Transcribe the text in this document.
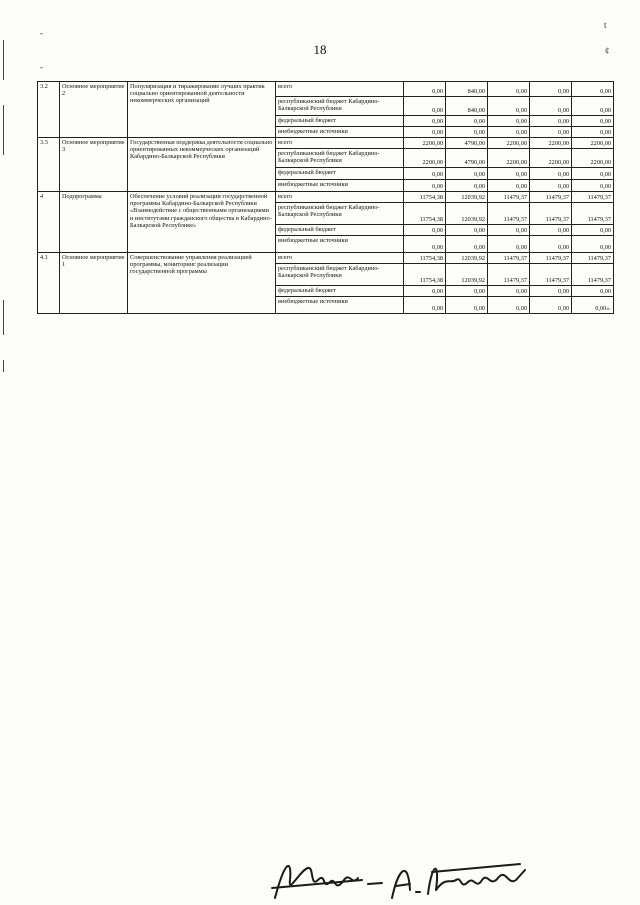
-
t
¢
-
18
3.2	Основное мероприятие 2	Популяризация и тиражирование лучших практик социально ориентированной деятельности некоммерческих организаций	всего	0,00	840,00	0,00	0,00	0,00
			республиканский бюджет Кабардино-Балкарской Республики	0,00	840,00	0,00	0,00	0,00
			федеральный бюджет	0,00	0,00	0,00	0,00	0,00
			внебюджетные источники	0,00	0,00	0,00	0,00	0,00
3.3	Основное мероприятие 3	Государственная поддержка деятельности социально ориентированных некоммерческих организаций Кабардино-Балкарской Республики	всего	2200,00	4790,00	2200,00	2200,00	2200,00
			республиканский бюджет Кабардино-Балкарской Республики	2200,00	4790,00	2200,00	2200,00	2200,00
			федеральный бюджет	0,00	0,00	0,00	0,00	0,00
			внебюджетные источники	0,00	0,00	0,00	0,00	0,00
4	Подпрограмма	Обеспечение условий реализации государственной программы Кабардино-Балкарской Республики «Взаимодействие с общественными организациями и институтами гражданского общества в Кабардино-Балкарской Республике»	всего	11754,38	12039,92	11479,37	11479,37	11479,37
			республиканский бюджет Кабардино-Балкарской Республики	11754,38	12039,92	11479,37	11479,37	11479,37
			федеральный бюджет	0,00	0,00	0,00	0,00	0,00
			внебюджетные источники	0,00	0,00	0,00	0,00	0,00
4.1	Основное мероприятие 1	Совершенствование управления реализацией программы, мониторинг реализации государственной программы	всего	11754,38	12039,92	11479,37	11479,37	11479,37
			республиканский бюджет Кабардино-Балкарской Республики	11754,38	12039,92	11479,37	11479,37	11479,37
			федеральный бюджет	0,00	0,00	0,00	0,00	0,00
			внебюджетные источники	0,00	0,00	0,00	0,00	0,00».
